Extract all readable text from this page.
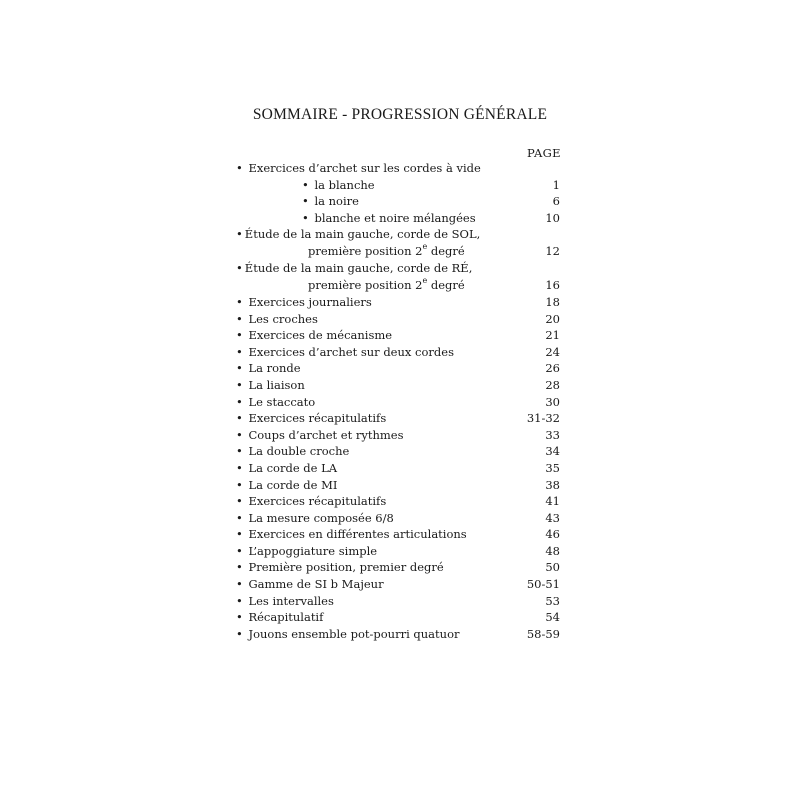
SOMMAIRE - PROGRESSION GÉNÉRALE
PAGE
• Exercices d’archet sur les cordes à vide
• la blanche	1
• la noire	6
• blanche et noire mélangées	10
• Étude de la main gauche, corde de SOL,
première position 2e degré	12
• Étude de la main gauche, corde de RÉ,
première position 2e degré	16
• Exercices journaliers	18
• Les croches	20
• Exercices de mécanisme	21
• Exercices d’archet sur deux cordes	24
• La ronde	26
• La liaison	28
• Le staccato	30
• Exercices récapitulatifs	31-32
• Coups d’archet et rythmes	33
• La double croche	34
• La corde de LA	35
• La corde de MI	38
• Exercices récapitulatifs	41
• La mesure composée 6/8	43
• Exercices en différentes articulations	46
• L’appoggiature simple	48
• Première position, premier degré	50
• Gamme de SI b Majeur	50-51
• Les intervalles	53
• Récapitulatif	54
• Jouons ensemble pot-pourri quatuor	58-59
